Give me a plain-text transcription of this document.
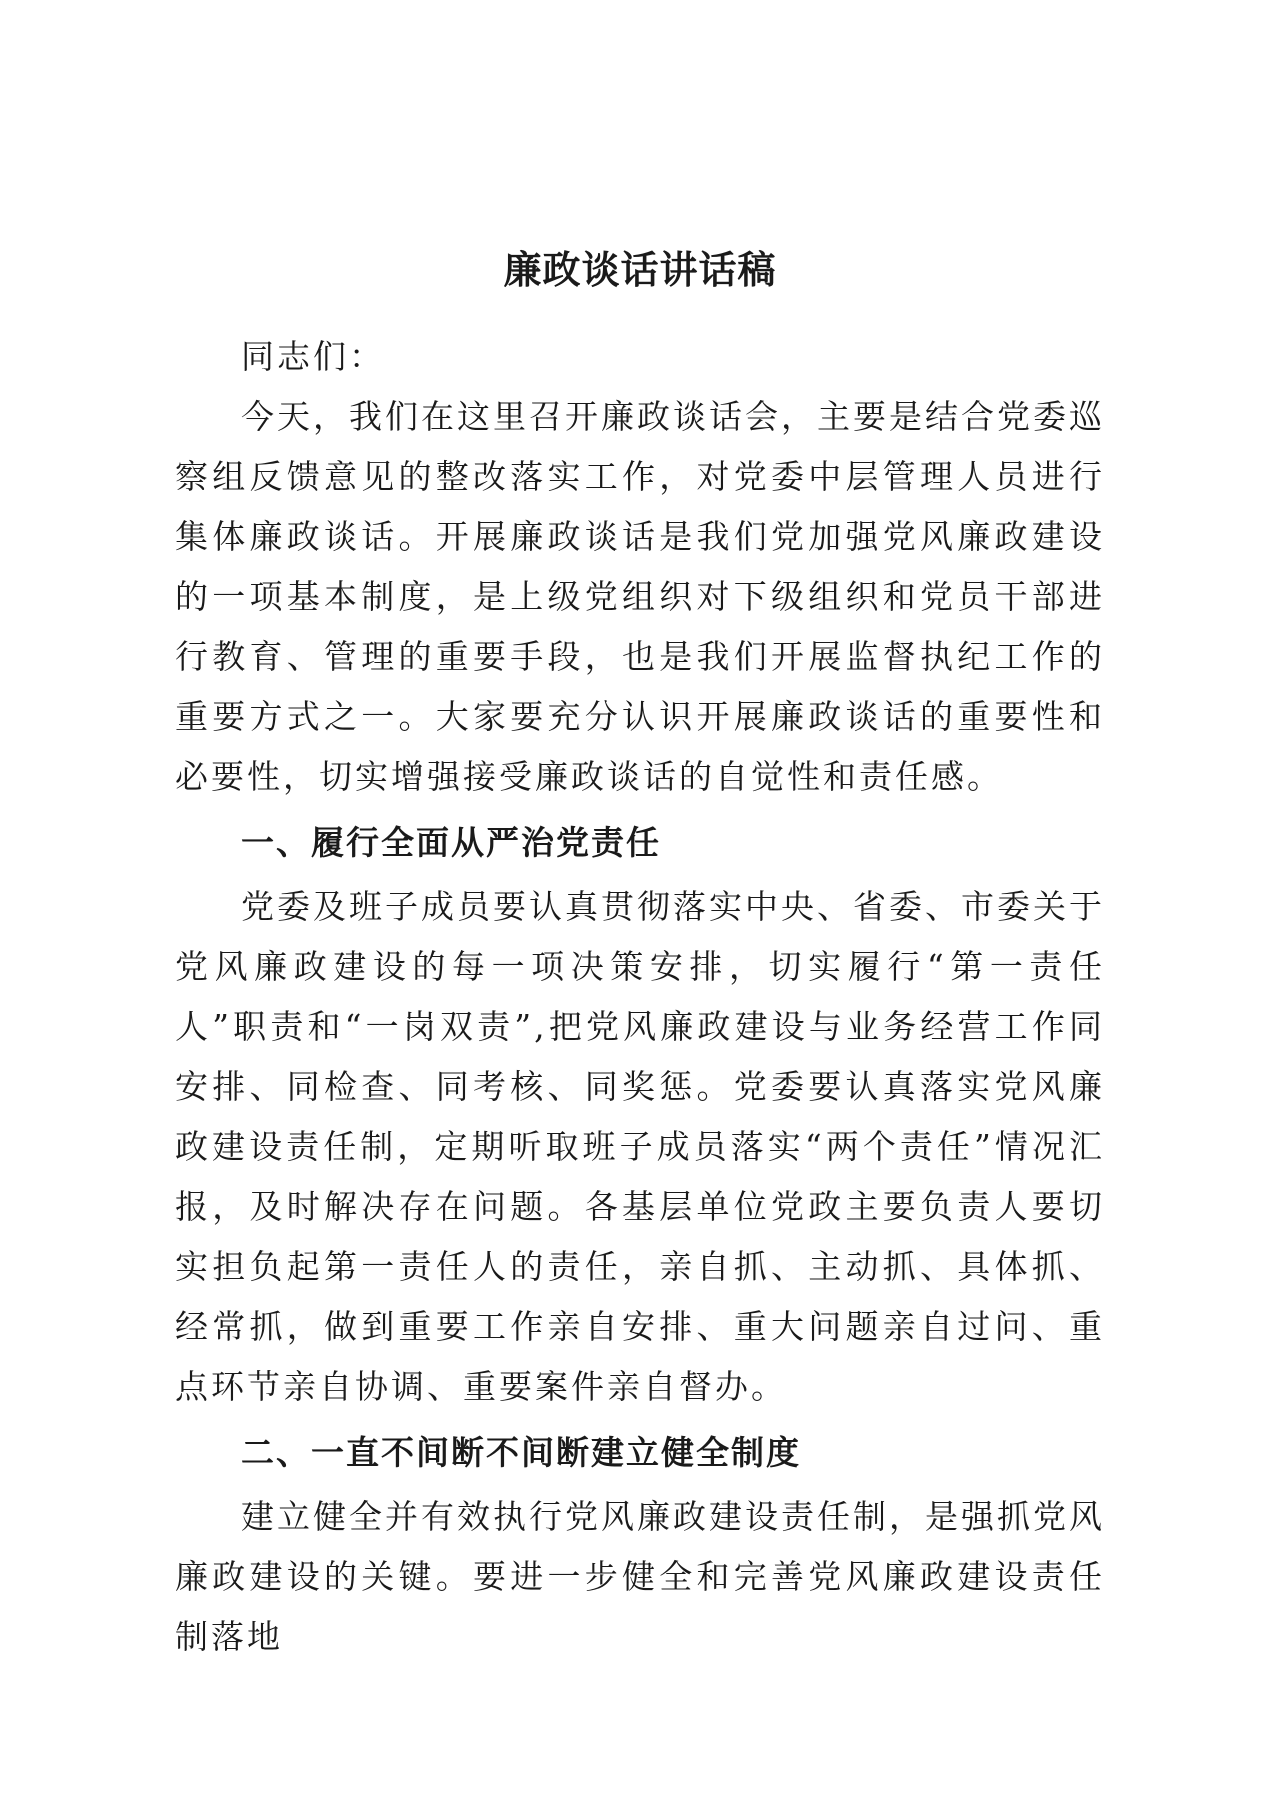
廉政谈话讲话稿

同志们：

今天，我们在这里召开廉政谈话会，主要是结合党委巡察组反馈意见的整改落实工作，对党委中层管理人员进行集体廉政谈话。开展廉政谈话是我们党加强党风廉政建设的一项基本制度，是上级党组织对下级组织和党员干部进行教育、管理的重要手段，也是我们开展监督执纪工作的重要方式之一。大家要充分认识开展廉政谈话的重要性和必要性，切实增强接受廉政谈话的自觉性和责任感。

一、履行全面从严治党责任

党委及班子成员要认真贯彻落实中央、省委、市委关于党风廉政建设的每一项决策安排，切实履行“第一责任人”职责和“一岗双责”,把党风廉政建设与业务经营工作同安排、同检查、同考核、同奖惩。党委要认真落实党风廉政建设责任制，定期听取班子成员落实“两个责任”情况汇报，及时解决存在问题。各基层单位党政主要负责人要切实担负起第一责任人的责任，亲自抓、主动抓、具体抓、经常抓，做到重要工作亲自安排、重大问题亲自过问、重点环节亲自协调、重要案件亲自督办。

二、一直不间断不间断建立健全制度

建立健全并有效执行党风廉政建设责任制，是强抓党风廉政建设的关键。要进一步健全和完善党风廉政建设责任制落地
